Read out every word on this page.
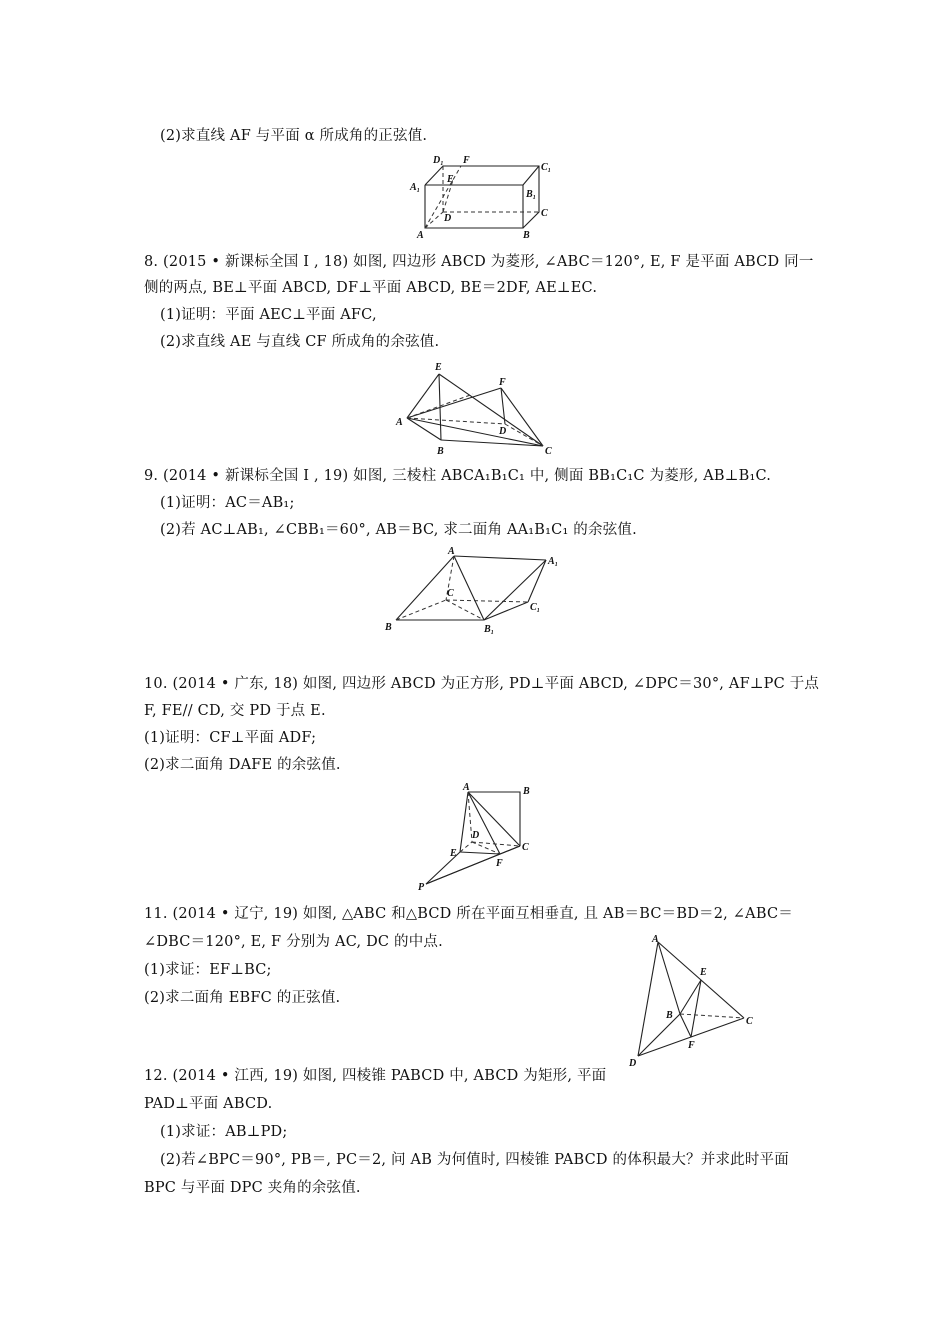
(2)求直线 AF 与平面 α 所成角的正弦值.
D₁ F
C₁
A₁
E
B₁
D	C
A	B
8. (2015 • 新课标全国 Ⅰ , 18) 如图, 四边形 ABCD 为菱形, ∠ABC＝120°, E, F 是平面 ABCD 同一
侧的两点, BE⊥平面 ABCD, DF⊥平面 ABCD, BE＝2DF, AE⊥EC.
(1)证明：平面 AEC⊥平面 AFC,
(2)求直线 AE 与直线 CF 所成角的余弦值.
E
F
A
D
B	C
9. (2014 • 新课标全国 Ⅰ , 19) 如图, 三棱柱 ABCA₁B₁C₁ 中, 侧面 BB₁C₁C 为菱形, AB⊥B₁C.
(1)证明：AC＝AB₁;
(2)若 AC⊥AB₁, ∠CBB₁＝60°, AB＝BC, 求二面角 AA₁B₁C₁ 的余弦值.
A
A₁
C
C₁
B	B₁
10. (2014 • 广东, 18) 如图, 四边形 ABCD 为正方形, PD⊥平面 ABCD, ∠DPC＝30°, AF⊥PC 于点
F, FE// CD, 交 PD 于点 E.
(1)证明：CF⊥平面 ADF;
(2)求二面角 DAFE 的余弦值.
A	B
D
C
E
F
P
11. (2014 • 辽宁, 19) 如图, △ABC 和△BCD 所在平面互相垂直, 且 AB＝BC＝BD＝2, ∠ABC＝
∠DBC＝120°, E, F 分别为 AC, DC 的中点.
(1)求证：EF⊥BC;
(2)求二面角 EBFC 的正弦值.
A
E
B
C
F
D
12. (2014 • 江西, 19) 如图, 四棱锥 PABCD 中, ABCD 为矩形, 平面
PAD⊥平面 ABCD.
(1)求证：AB⊥PD;
(2)若∠BPC＝90°, PB＝, PC＝2, 问 AB 为何值时, 四棱锥 PABCD 的体积最大？并求此时平面
BPC 与平面 DPC 夹角的余弦值.
